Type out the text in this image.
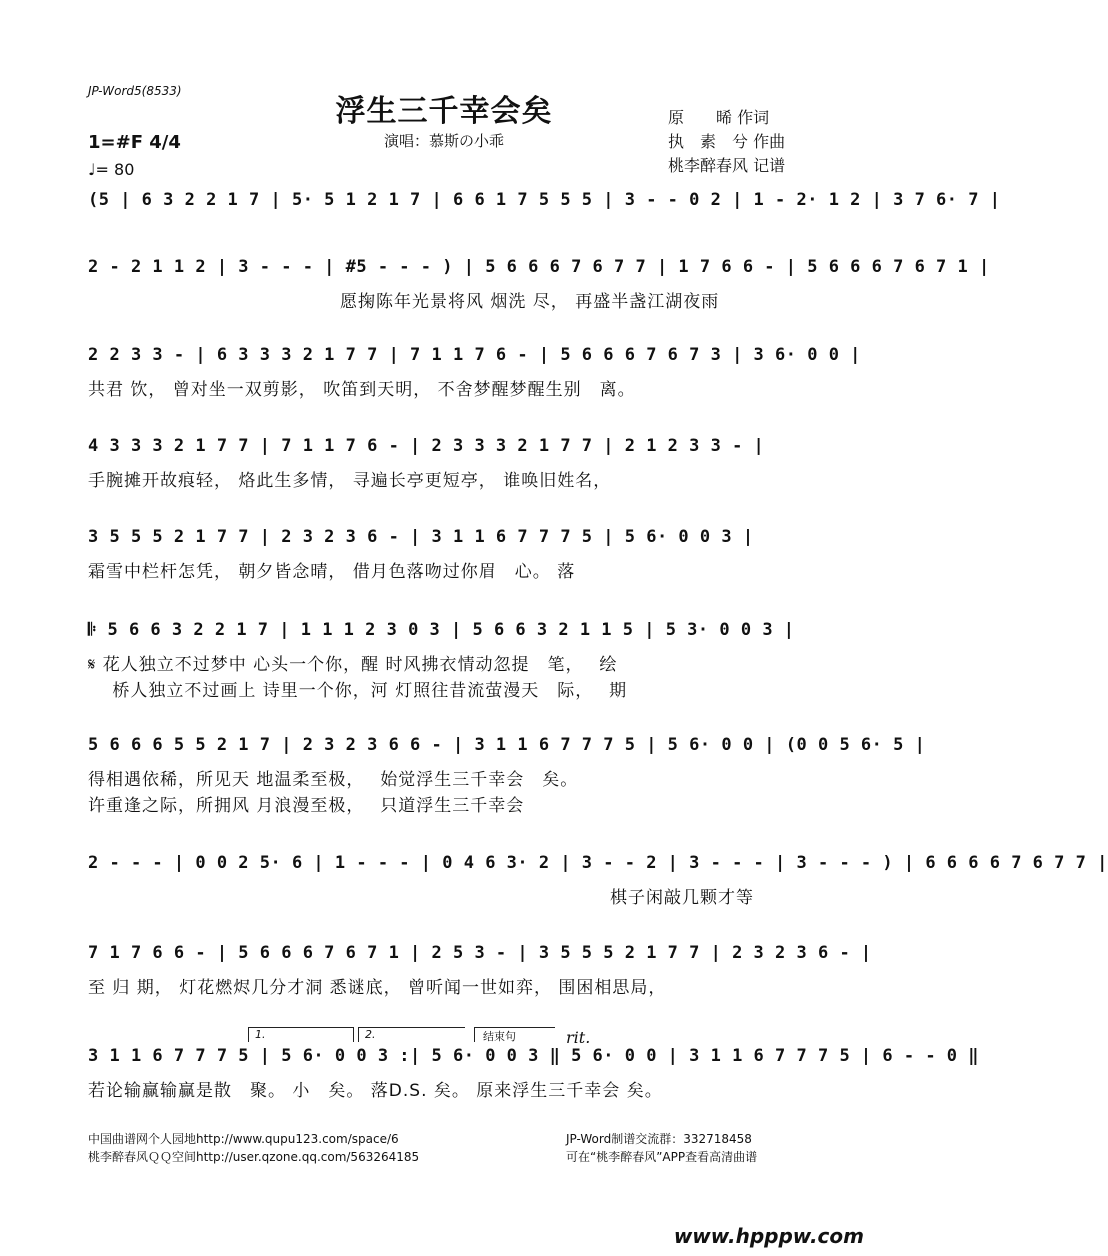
JP-Word5(8533)
浮生三千幸会矣
演唱：慕斯の小乖
原　　晞 作词
执　素　兮 作曲
桃李醉春风 记谱
1=#F 4/4
♩= 80
(5 | 6 3 2 2 1 7 | 5· 5 1 2 1 7 | 6 6 1 7 5 5 5 | 3 - - 0 2 | 1 - 2· 1 2 | 3 7 6· 7 |
2 - 2 1 1 2 | 3 - - - | #5 - - - ) | 5 6 6 6 7 6 7 7 | 1 7 6 6 - | 5 6 6 6 7 6 7 1 |
　　　　　　　　　　　　　　愿掬陈年光景将风 烟洗 尽， 再盛半盏江湖夜雨
2 2 3 3 - | 6 3 3 3 2 1 7 7 | 7 1 1 7 6 - | 5 6 6 6 7 6 7 3 | 3 6· 0 0 |
共君 饮， 曾对坐一双剪影， 吹笛到天明， 不舍梦醒梦醒生别　离。
4 3 3 3 2 1 7 7 | 7 1 1 7 6 - | 2 3 3 3 2 1 7 7 | 2 1 2 3 3 - |
手腕摊开故痕轻， 烙此生多情， 寻遍长亭更短亭， 谁唤旧姓名，
3 5 5 5 2 1 7 7 | 2 3 2 3 6 - | 3 1 1 6 7 7 7 5 | 5 6· 0 0 3 |
霜雪中栏杆怎凭， 朝夕皆念晴， 借月色落吻过你眉　心。 落
𝄆 5 6 6 3 2 2 1 7 | 1 1 1 2 3 0 3 | 5 6 6 3 2 1 1 5 | 5 3· 0 0 3 |
𝄋 花人独立不过梦中 心头一个你，醒 时风拂衣情动忽提　笔，　 绘
　 桥人独立不过画上 诗里一个你，河 灯照往昔流萤漫天　际，　 期
5 6 6 6 5 5 2 1 7 | 2 3 2 3 6 6 - | 3 1 1 6 7 7 7 5 | 5 6· 0 0 | (0 0 5 6· 5 |
得相遇依稀，所见天 地温柔至极，　 始觉浮生三千幸会　矣。
许重逢之际，所拥风 月浪漫至极，　 只道浮生三千幸会
2 - - - | 0 0 2 5· 6 | 1 - - - | 0 4 6 3· 2 | 3 - - 2 | 3 - - - | 3 - - - ) | 6 6 6 6 7 6 7 7 |
　　　　　　　　　　　　　　　　　　　　　　　　　　　　　棋子闲敲几颗才等
7 1 7 6 6 - | 5 6 6 6 7 6 7 1 | 2 5 3 - | 3 5 5 5 2 1 7 7 | 2 3 2 3 6 - |
至 归 期， 灯花燃烬几分才洞 悉谜底， 曾听闻一世如弈， 围困相思局，
1.	2.	结束句	rit.
3 1 1 6 7 7 7 5 | 5 6· 0 0 3 :| 5 6· 0 0 3 ‖ 5 6· 0 0 | 3 1 1 6 7 7 7 5 | 6 - - 0 ‖
若论输赢输赢是散　聚。 小　矣。 落D.S. 矣。 原来浮生三千幸会 矣。
中国曲谱网个人园地http://www.qupu123.com/space/6
桃李醉春风ＱＱ空间http://user.qzone.qq.com/563264185
JP-Word制谱交流群：332718458
可在“桃李醉春风”APP查看高清曲谱
www.hpppw.com
